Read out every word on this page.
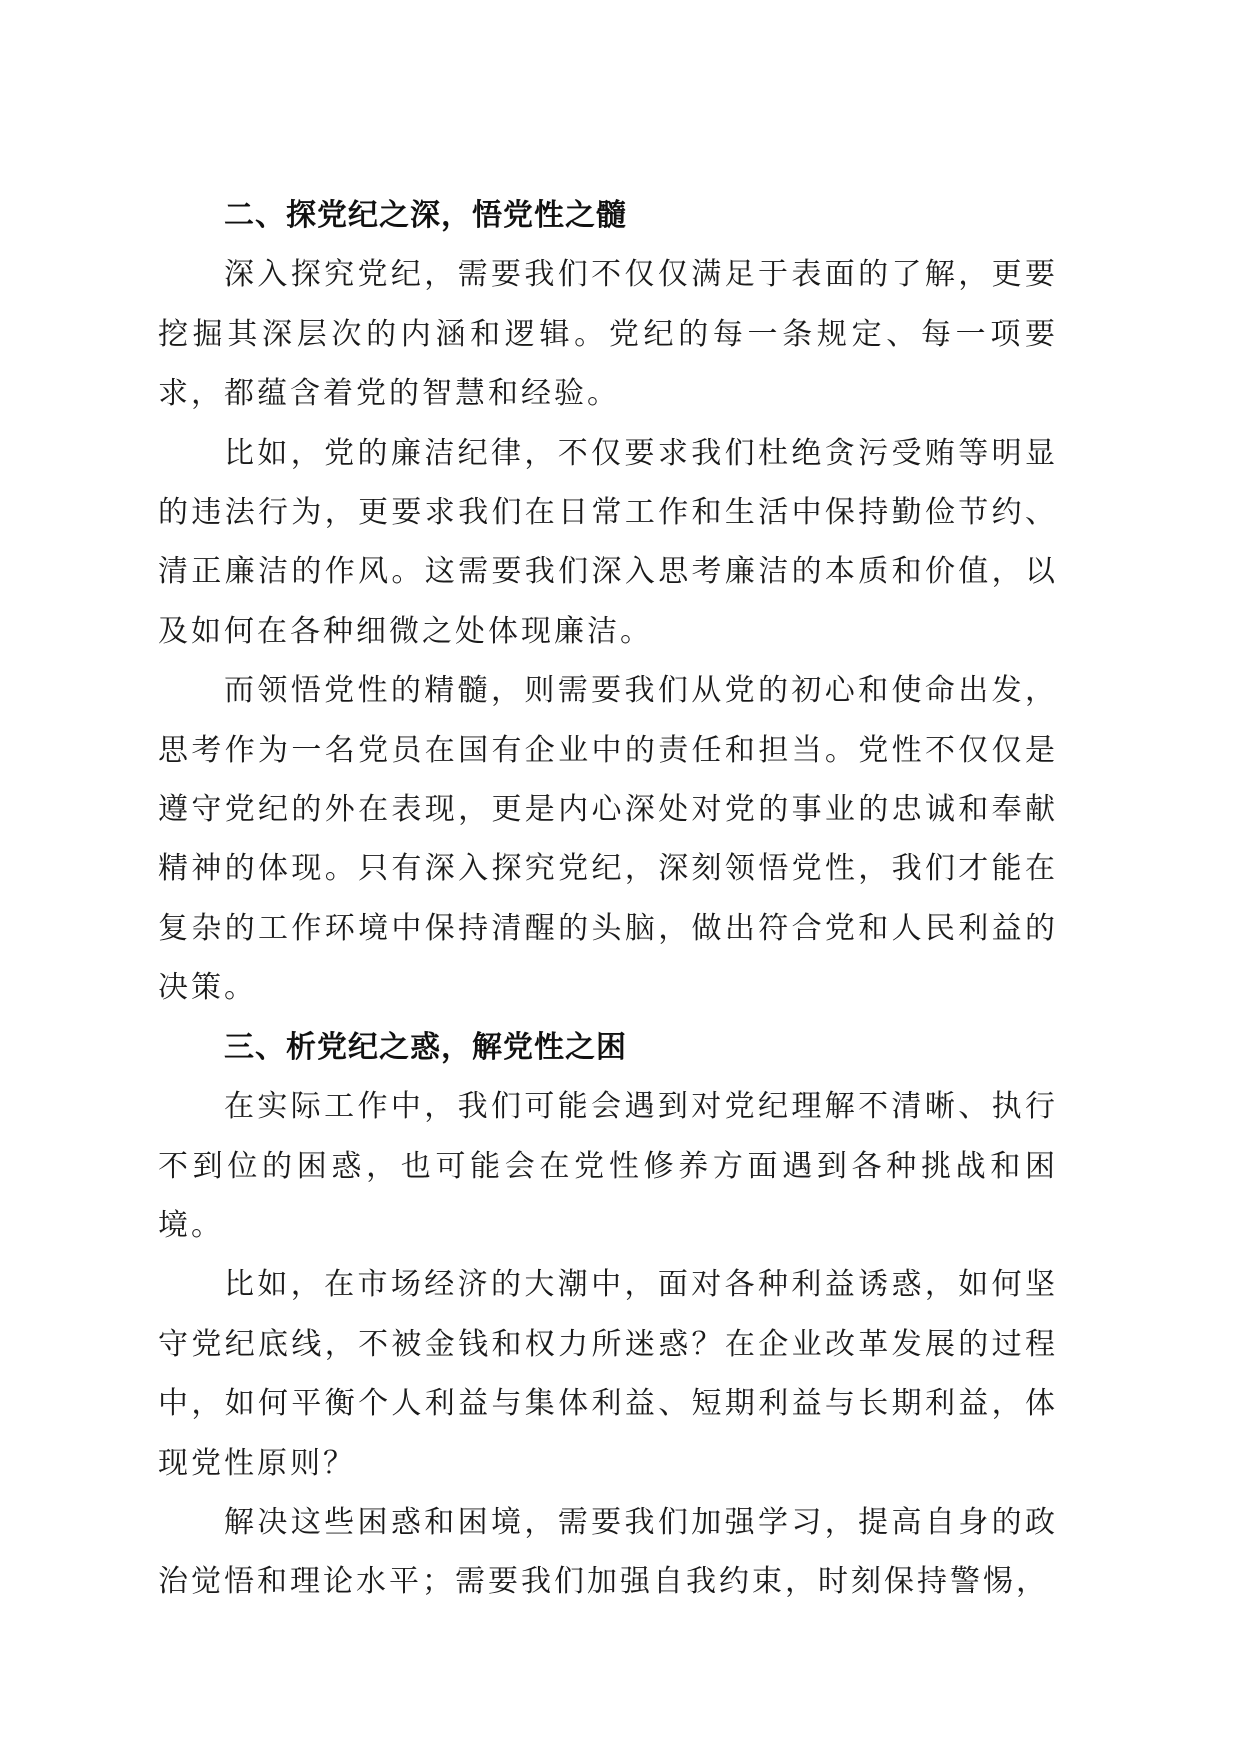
二、探党纪之深，悟党性之髓

深入探究党纪，需要我们不仅仅满足于表面的了解，更要挖掘其深层次的内涵和逻辑。党纪的每一条规定、每一项要求，都蕴含着党的智慧和经验。

比如，党的廉洁纪律，不仅要求我们杜绝贪污受贿等明显的违法行为，更要求我们在日常工作和生活中保持勤俭节约、清正廉洁的作风。这需要我们深入思考廉洁的本质和价值，以及如何在各种细微之处体现廉洁。

而领悟党性的精髓，则需要我们从党的初心和使命出发，思考作为一名党员在国有企业中的责任和担当。党性不仅仅是遵守党纪的外在表现，更是内心深处对党的事业的忠诚和奉献精神的体现。只有深入探究党纪，深刻领悟党性，我们才能在复杂的工作环境中保持清醒的头脑，做出符合党和人民利益的决策。

三、析党纪之惑，解党性之困

在实际工作中，我们可能会遇到对党纪理解不清晰、执行不到位的困惑，也可能会在党性修养方面遇到各种挑战和困境。

比如，在市场经济的大潮中，面对各种利益诱惑，如何坚守党纪底线，不被金钱和权力所迷惑？在企业改革发展的过程中，如何平衡个人利益与集体利益、短期利益与长期利益，体现党性原则？

解决这些困惑和困境，需要我们加强学习，提高自身的政治觉悟和理论水平；需要我们加强自我约束，时刻保持警惕，
